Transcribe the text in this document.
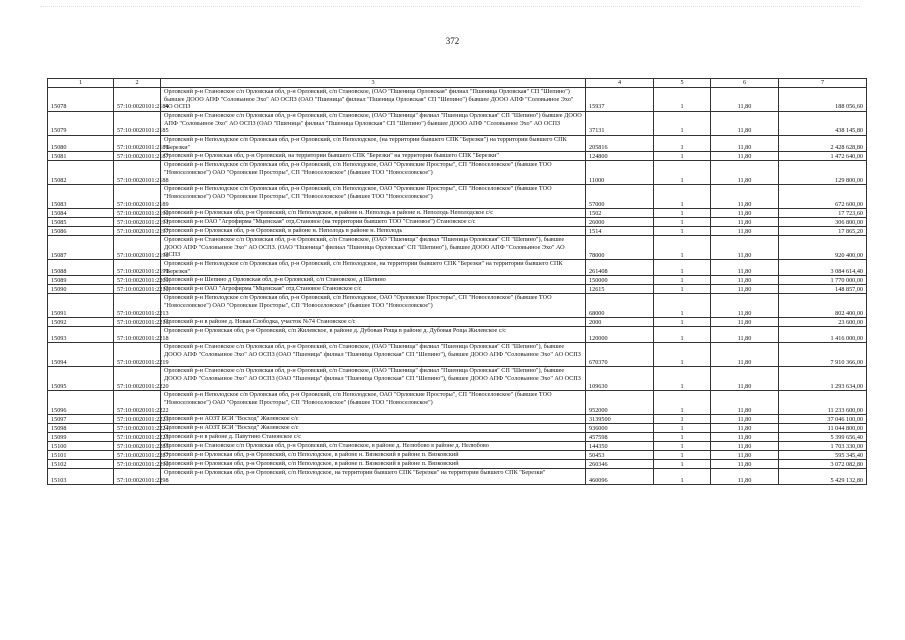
372
1	2	3	4	5	6	7
15078	57:10:0020101:2184	Орловский р-н Становское с/п Орловская обл, р-н Орловский, с/п Становское, (ОАО "Пшеница Орловская" филиал "Пшеница Орловская" СП "Шепино") бывшее ДООО АПФ "Соловьиное Эхо" АО ОСПЗ (ОАО "Пшеница" филиал "Пшеница Орловская" СП "Шепино") бывшее ДООО АПФ "Соловьиное Эхо" АО ОСПЗ	15937	1	11,80	188 056,60
15079	57:10:0020101:2185	Орловский р-н Становское с/п Орловская обл, р-н Орловский, с/п Становское, (ОАО "Пшеница" филиал "Пшеница Орловская" СП "Шепино") бывшее ДООО АПФ "Соловьиное Эхо" АО ОСПЗ (ОАО "Пшеница" филиал "Пшеница Орловская" СП "Шепино") бывшее ДООО АПФ "Соловьиное Эхо" АО ОСПЗ	37131	1	11,80	438 145,80
15080	57:10:0020101:2186	Орловский р-н Неполодское с/п Орловская обл, р-н Орловский, с/п Неполодское, (на территории бывшего СПК "Березки") на территории бывшего СПК "Березки"	205816	1	11,80	2 428 628,80
15081	57:10:0020101:2187	Орловский р-н Орловская обл, р-н Орловский, на территории бывшего СПК "Березки" на территории бывшего СПК "Березки"	124800	1	11,80	1 472 640,00
15082	57:10:0020101:2188	Орловский р-н Неполодское с/п Орловская обл, р-н Орловский, с/п Неполодское, ОАО "Орловские Просторы", СП "Новоселовское" (бывшее ТОО "Новоселовское") ОАО "Орловские Просторы", СП "Новоселовское" (бывшее ТОО "Новоселовское")	11000	1	11,80	129 800,00
15083	57:10:0020101:2189	Орловский р-н Неполодское с/п Орловская обл, р-н Орловский, с/п Неполодское, ОАО "Орловские Просторы", СП "Новоселовское" (бывшее ТОО "Новоселовское") ОАО "Орловские Просторы", СП "Новоселовское" (бывшее ТОО "Новоселовское")	57000	1	11,80	672 600,00
15084	57:10:0020101:2190	Орловский р-н Орловская обл, р-н Орловский, с/п Неполодское, в районе н. Неполодь в районе н. Неполодь Неполодское с/с	1502	1	11,80	17 723,60
15085	57:10:0020101:2191	Орловский р-н ОАО "Агрофирма "Мценская" отд.Становое (на территории бывшего ТОО "Становое") Становское с/с	26000	1	11,80	306 800,00
15086	57:10:0020101:2197	Орловский р-н Орловская обл, р-н Орловский, в районе н. Неполодь в районе н. Неполодь	1514	1	11,80	17 865,20
15087	57:10:0020101:2198	Орловский р-н Становское с/п Орловская обл, р-н Орловский, с/п Становское, (ОАО "Пшеница" филиал "Пшеница Орловская" СП "Шепино"), бывшее ДООО АПФ "Соловьиное Эхо" АО ОСПЗ. (ОАО "Пшеница" филиал "Пшеница Орловская" СП "Шепино"), бывшее ДООО АПФ "Соловьиное Эхо" АО ОСПЗ	78000	1	11,80	920 400,00
15088	57:10:0020101:2199	Орловский р-н Неполодское с/п Орловская обл, р-н Орловский, с/п Неполодское, на территории бывшего СПК "Березки" на территории бывшего СПК "Березки"	261408	1	11,80	3 084 614,40
15089	57:10:0020101:2209	Орловский р-н Шепино д Орловская обл, р-н Орловский, с/п Становское, д Шепино	150000	1	11,80	1 770 000,00
15090	57:10:0020101:2210	Орловский р-н ОАО "Агрофирма "Мценская" отд.Становое Становское с/с	12615	1	11,80	148 857,00
15091	57:10:0020101:2213	Орловский р-н Неполодское с/п Орловская обл, р-н Орловский, с/п Неполодское, ОАО "Орловские Просторы", СП "Новоселовское" (бывшее ТОО "Новоселовское") ОАО "Орловские Просторы", СП "Новоселовское" (бывшее ТОО "Новоселовское")	68000	1	11,80	802 400,00
15092	57:10:0020101:2216	Орловский р-н в районе д. Новая Слободка, участок №74 Становское с/с	2000	1	11,80	23 600,00
15093	57:10:0020101:2218	Орловский р-н Орловская обл, р-н Орловский, с/п Жилевское, в районе д. Дубовая Роща в районе д. Дубовая Роща Жилевское с/с	120000	1	11,80	1 416 000,00
15094	57:10:0020101:2219	Орловский р-н Становское с/п Орловская обл, р-н Орловский, с/п Становское, (ОАО "Пшеница" филиал "Пшеница Орловская" СП "Шепино"), бывшее ДООО АПФ "Соловьиное Эхо" АО ОСПЗ (ОАО "Пшеница" филиал "Пшеница Орловская" СП "Шепино"), бывшее ДООО АПФ "Соловьиное Эхо" АО ОСПЗ	670370	1	11,80	7 910 366,00
15095	57:10:0020101:2220	Орловский р-н Становское с/п Орловская обл, р-н Орловский, с/п Становское, (ОАО "Пшеница" филиал "Пшеница Орловская" СП "Шепино"), бывшее ДООО АПФ "Соловьиное Эхо" АО ОСПЗ (ОАО "Пшеница" филиал "Пшеница Орловская" СП "Шепино"), бывшее ДООО АПФ "Соловьиное Эхо" АО ОСПЗ	109630	1	11,80	1 293 634,00
15096	57:10:0020101:2222	Орловский р-н Неполодское с/п Орловская обл, р-н Орловский, с/п Неполодское, ОАО "Орловские Просторы", СП "Новоселовское" (бывшее ТОО "Новоселовское") ОАО "Орловские Просторы", СП "Новоселовское" (бывшее ТОО "Новоселовское")	952000	1	11,80	11 233 600,00
15097	57:10:0020101:2223	Орловский р-н АОЗТ БСИ "Восход" Жилевское с/с	3139500	1	11,80	37 046 100,00
15098	57:10:0020101:2224	Орловский р-н АОЗТ БСИ "Восход" Жилевское с/с	936000	1	11,80	11 044 800,00
15099	57:10:0020101:2225	Орловский р-н в районе д. Павутино Становское с/с	457598	1	11,80	5 399 656,40
15100	57:10:0020101:2285	Орловский р-н Становское с/п Орловская обл, р-н Орловский, с/п Становское, в районе д. Нелюбово в районе д. Нелюбово	144350	1	11,80	1 703 330,00
15101	57:10:0020101:2287	Орловский р-н Орловская обл, р-н Орловский, с/п Неполодское, в районе н. Вязковский в районе п. Вязковский	50453	1	11,80	595 345,40
15102	57:10:0020101:2290	Орловский р-н Орловская обл, р-н Орловский, с/п Неполодское, в районе п. Вязковский в районе п. Вязковский	260346	1	11,80	3 072 082,80
15103	57:10:0020101:2298	Орловский р-н Орловская обл, р-н Орловский, с/п Неполодское, на территории бывшего СПК "Березки" на территории бывшего СПК "Березки"	460096	1	11,80	5 429 132,80
